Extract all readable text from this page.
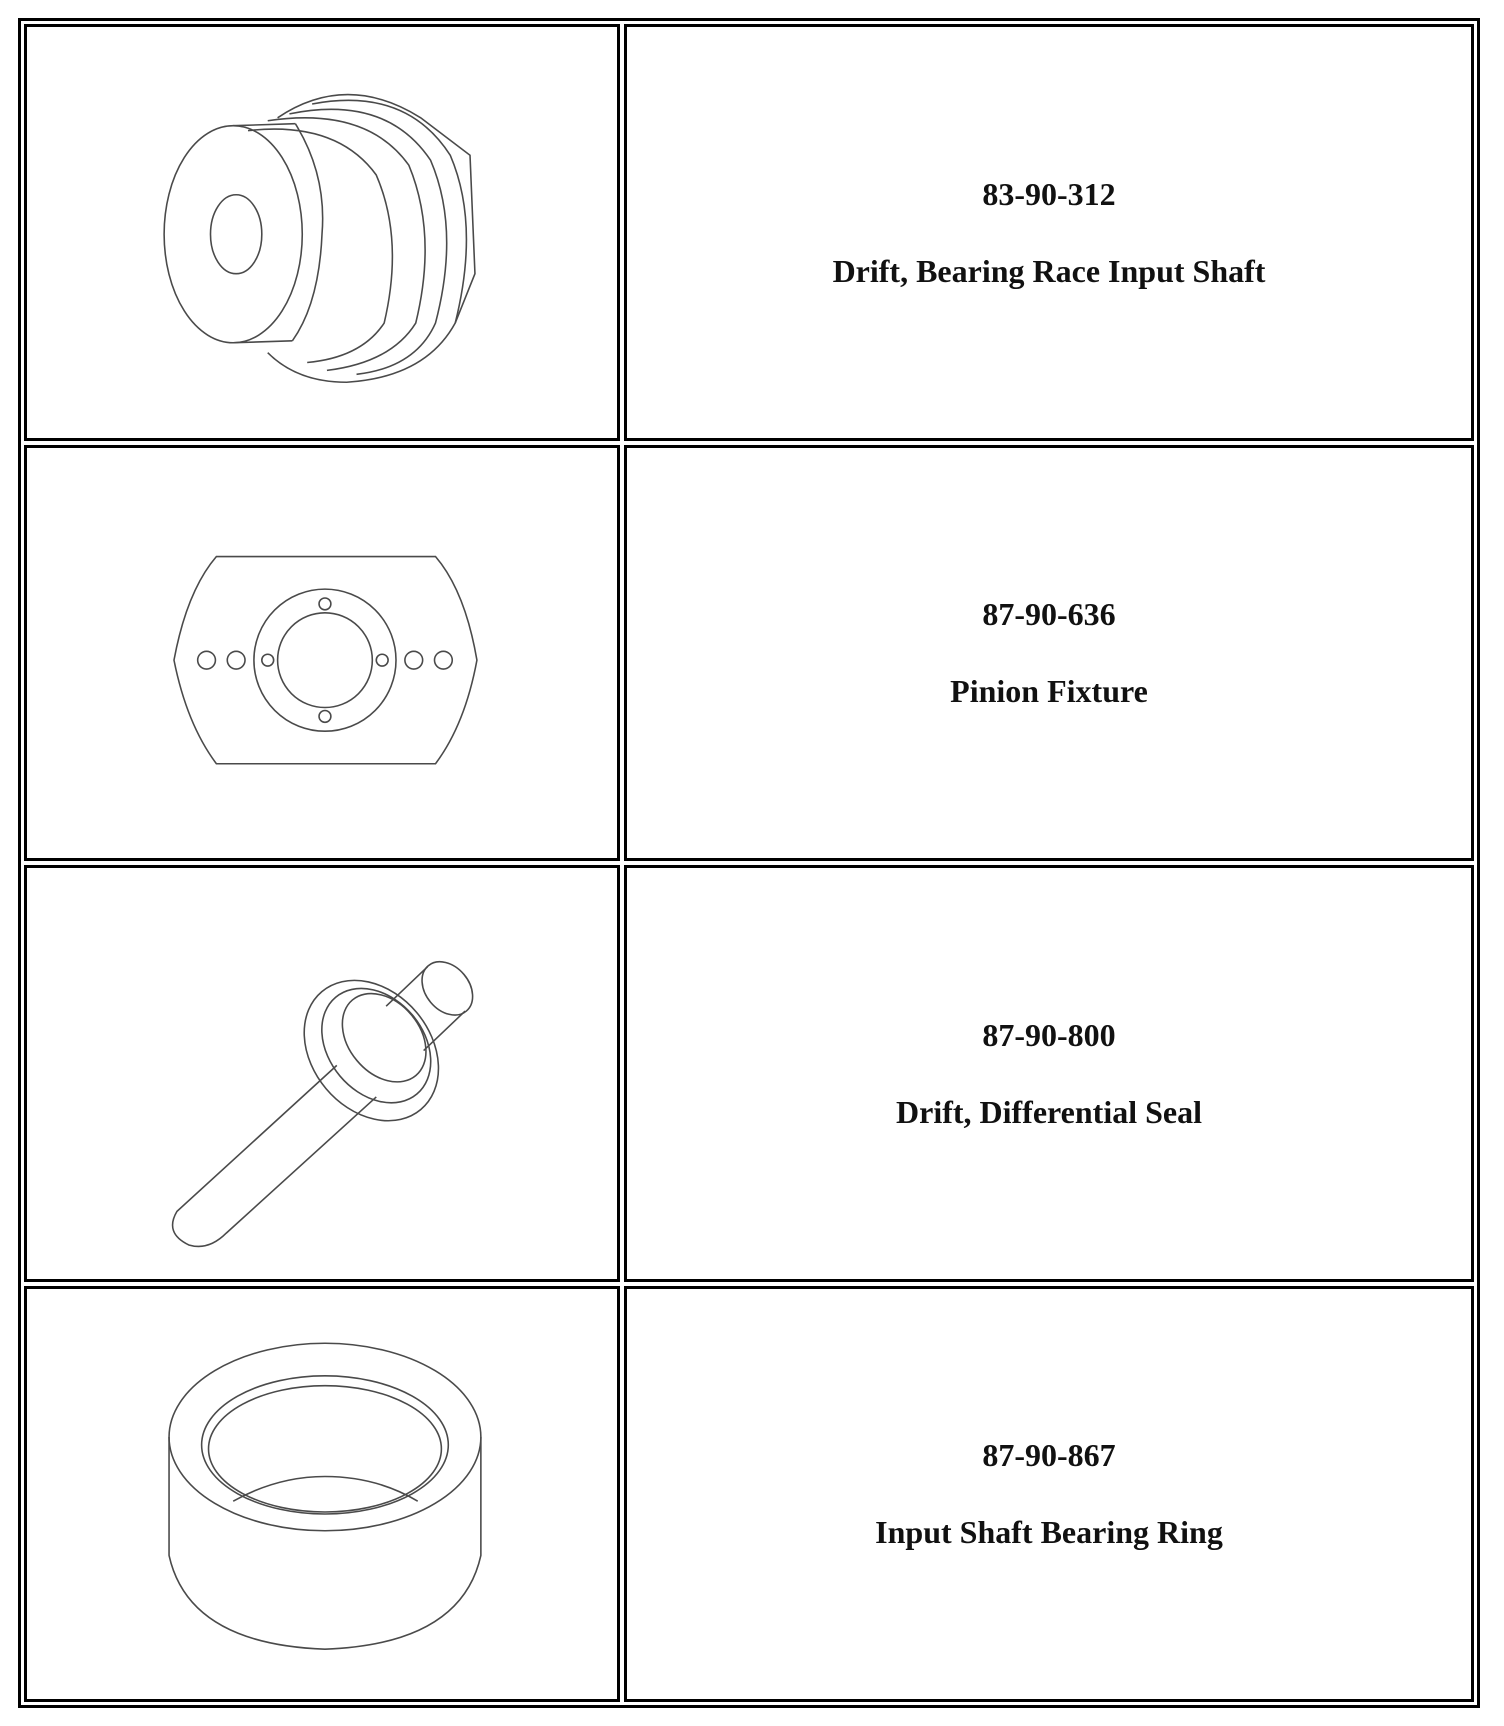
83-90-312
Drift, Bearing Race Input Shaft
87-90-636
Pinion Fixture
87-90-800
Drift, Differential Seal
87-90-867
Input Shaft Bearing Ring
